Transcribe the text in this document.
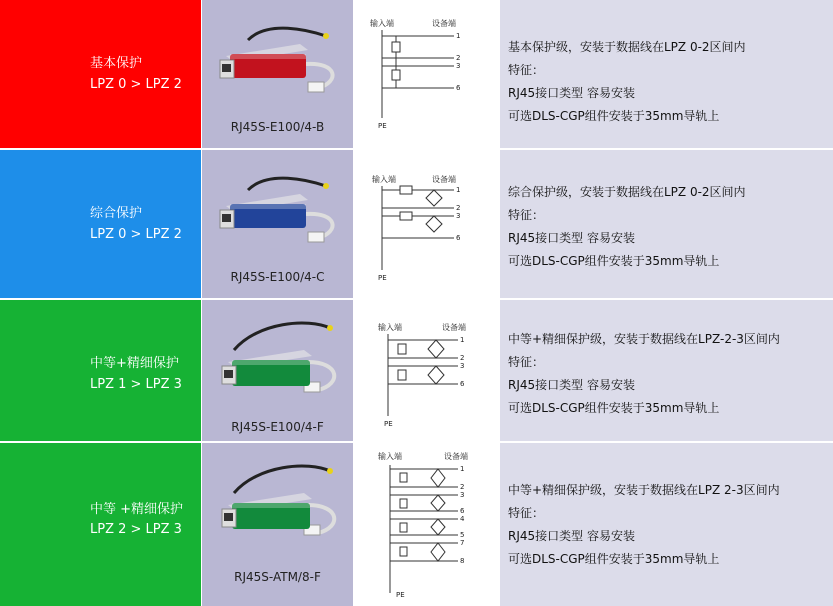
基本保护
LPZ 0 > LPZ 2
RJ45S-E100/4-B
输入端	设备端
1
2
3
6
PE
基本保护级，安装于数据线在LPZ 0-2区间内
特征：
RJ45接口类型 容易安装
可选DLS-CGP组件安装于35mm导轨上
综合保护
LPZ 0 > LPZ 2
RJ45S-E100/4-C
输入端	设备端
1
2
3
6
PE
综合保护级，安装于数据线在LPZ 0-2区间内
特征：
RJ45接口类型 容易安装
可选DLS-CGP组件安装于35mm导轨上
中等+精细保护
LPZ 1 > LPZ 3
RJ45S-E100/4-F
输入端	设备端
1
2
3
6
PE
中等+精细保护级，安装于数据线在LPZ-2-3区间内
特征：
RJ45接口类型 容易安装
可选DLS-CGP组件安装于35mm导轨上
中等 +精细保护
LPZ 2 > LPZ 3
RJ45S-ATM/8-F
输入端	设备端
1
2
3
6
4
5
7
8
PE
中等+精细保护级，安装于数据线在LPZ 2-3区间内
特征：
RJ45接口类型 容易安装
可选DLS-CGP组件安装于35mm导轨上
